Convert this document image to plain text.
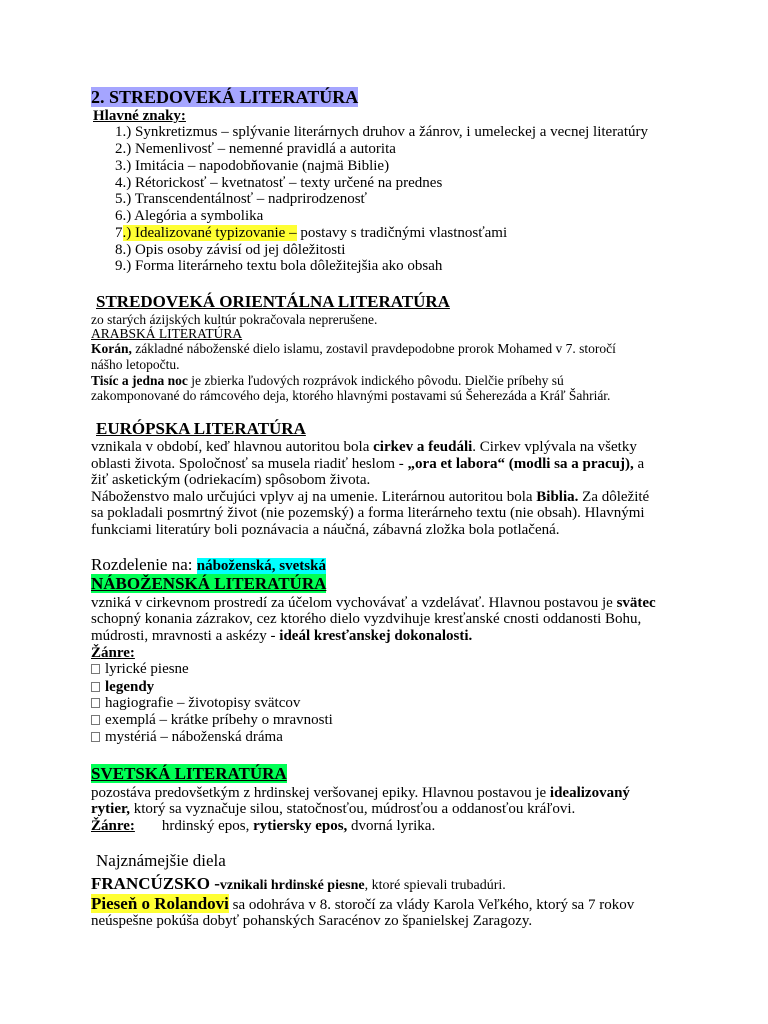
2. STREDOVEKÁ LITERATÚRA
Hlavné znaky:
1.) Synkretizmus – splývanie literárnych druhov a žánrov, i umeleckej a vecnej literatúry
2.) Nemenlivosť – nemenné pravidlá a autorita
3.) Imitácia – napodobňovanie (najmä Biblie)
4.) Rétorickosť – kvetnatosť – texty určené na prednes
5.) Transcendentálnosť – nadprirodzenosť
6.) Alegória a symbolika
7.) Idealizované typizovanie – postavy s tradičnými vlastnosťami
8.) Opis osoby závisí od jej dôležitosti
9.) Forma literárneho textu bola dôležitejšia ako obsah
STREDOVEKÁ ORIENTÁLNA LITERATÚRA
zo starých ázijských kultúr pokračovala neprerušene.
ARABSKÁ LITERATÚRA
Korán, základné náboženské dielo islamu, zostavil pravdepodobne prorok Mohamed v 7. storočí
nášho letopočtu.
Tisíc a jedna noc je zbierka ľudových rozprávok indického pôvodu. Dielčie príbehy sú
zakomponované do rámcového deja, ktorého hlavnými postavami sú Šeherezáda a Kráľ Šahriár.
EURÓPSKA LITERATÚRA
vznikala v období, keď hlavnou autoritou bola cirkev a feudáli. Cirkev vplývala na všetky
oblasti života. Spoločnosť sa musela riadiť heslom - „ora et labora“ (modli sa a pracuj), a
žiť asketickým (odriekacím) spôsobom života.
Náboženstvo malo určujúci vplyv aj na umenie. Literárnou autoritou bola Biblia. Za dôležité
sa pokladali posmrtný život (nie pozemský) a forma literárneho textu (nie obsah). Hlavnými
funkciami literatúry boli poznávacia a náučná, zábavná zložka bola potlačená.
Rozdelenie na: náboženská, svetská
NÁBOŽENSKÁ LITERATÚRA
vzniká v cirkevnom prostredí za účelom vychovávať a vzdelávať. Hlavnou postavou je svätec
schopný konania zázrakov, cez ktorého dielo vyzdvihuje kresťanské cnosti oddanosti Bohu,
múdrosti, mravnosti a askézy - ideál kresťanskej dokonalosti.
Žánre:
lyrické piesne
legendy
hagiografie – životopisy svätcov
exemplá – krátke príbehy o mravnosti
mystériá – náboženská dráma
SVETSKÁ LITERATÚRA
pozostáva predovšetkým z hrdinskej veršovanej epiky. Hlavnou postavou je idealizovaný
rytier, ktorý sa vyznačuje silou, statočnosťou, múdrosťou a oddanosťou kráľovi.
Žánre: hrdinský epos, rytiersky epos, dvorná lyrika.
Najznámejšie diela
FRANCÚZSKO -vznikali hrdinské piesne, ktoré spievali trubadúri.
Pieseň o Rolandovi sa odohráva v 8. storočí za vlády Karola Veľkého, ktorý sa 7 rokov
neúspešne pokúša dobyť pohanských Saracénov zo španielskej Zaragozy.
